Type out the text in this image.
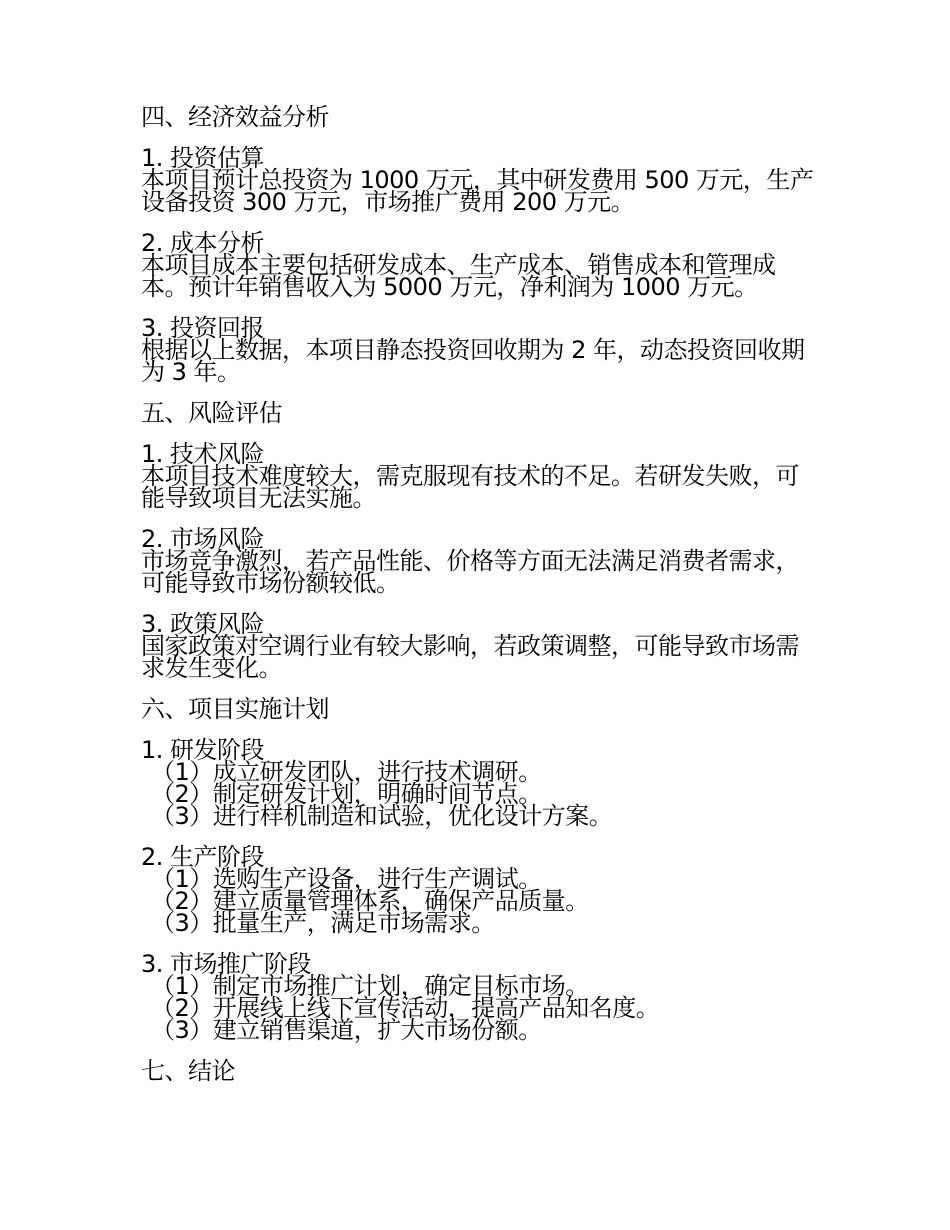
四、经济效益分析
1. 投资估算
本项目预计总投资为 1000 万元，其中研发费用 500 万元，生产设备投资 300 万元，市场推广费用 200 万元。
2. 成本分析
本项目成本主要包括研发成本、生产成本、销售成本和管理成本。预计年销售收入为 5000 万元，净利润为 1000 万元。
3. 投资回报
根据以上数据，本项目静态投资回收期为 2 年，动态投资回收期为 3 年。
五、风险评估
1. 技术风险
本项目技术难度较大，需克服现有技术的不足。若研发失败，可能导致项目无法实施。
2. 市场风险
市场竞争激烈，若产品性能、价格等方面无法满足消费者需求，可能导致市场份额较低。
3. 政策风险
国家政策对空调行业有较大影响，若政策调整，可能导致市场需求发生变化。
六、项目实施计划
1. 研发阶段
（1）成立研发团队，进行技术调研。
（2）制定研发计划，明确时间节点。
（3）进行样机制造和试验，优化设计方案。
2. 生产阶段
（1）选购生产设备，进行生产调试。
（2）建立质量管理体系，确保产品质量。
（3）批量生产，满足市场需求。
3. 市场推广阶段
（1）制定市场推广计划，确定目标市场。
（2）开展线上线下宣传活动，提高产品知名度。
（3）建立销售渠道，扩大市场份额。
七、结论
